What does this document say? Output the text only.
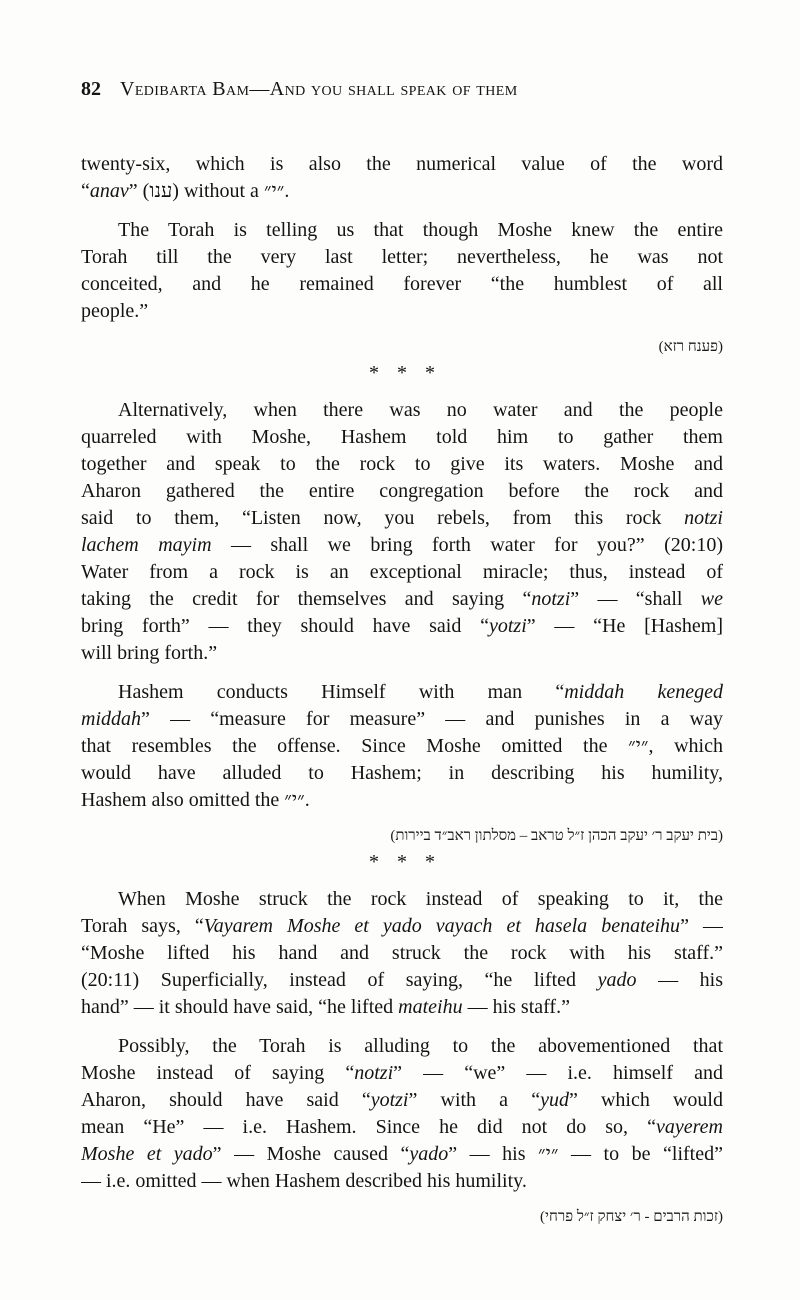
82 Vedibarta Bam—And you shall speak of them
twenty-six, which is also the numerical value of the word
“anav” (ענו) without a ״י״.
The Torah is telling us that though Moshe knew the entire
Torah till the very last letter; nevertheless, he was not
conceited, and he remained forever “the humblest of all
people.”
(פענח רזא)
* * *
Alternatively, when there was no water and the people
quarreled with Moshe, Hashem told him to gather them
together and speak to the rock to give its waters. Moshe and
Aharon gathered the entire congregation before the rock and
said to them, “Listen now, you rebels, from this rock notzi
lachem mayim — shall we bring forth water for you?” (20:10)
Water from a rock is an exceptional miracle; thus, instead of
taking the credit for themselves and saying “notzi” — “shall we
bring forth” — they should have said “yotzi” — “He [Hashem]
will bring forth.”
Hashem conducts Himself with man “middah keneged
middah” — “measure for measure” — and punishes in a way
that resembles the offense. Since Moshe omitted the ״י״, which
would have alluded to Hashem; in describing his humility,
Hashem also omitted the ״י״.
(בית יעקב ר׳ יעקב הכהן ז״ל טראב – מסלתון ראב״ד ביירות)
* * *
When Moshe struck the rock instead of speaking to it, the
Torah says, “Vayarem Moshe et yado vayach et hasela benateihu” —
“Moshe lifted his hand and struck the rock with his staff.”
(20:11) Superficially, instead of saying, “he lifted yado — his
hand” — it should have said, “he lifted mateihu — his staff.”
Possibly, the Torah is alluding to the abovementioned that
Moshe instead of saying “notzi” — “we” — i.e. himself and
Aharon, should have said “yotzi” with a “yud” which would
mean “He” — i.e. Hashem. Since he did not do so, “vayerem
Moshe et yado” — Moshe caused “yado” — his ״י״ — to be “lifted”
— i.e. omitted — when Hashem described his humility.
(זכות הרבים - ר׳ יצחק ז״ל פרחי)
